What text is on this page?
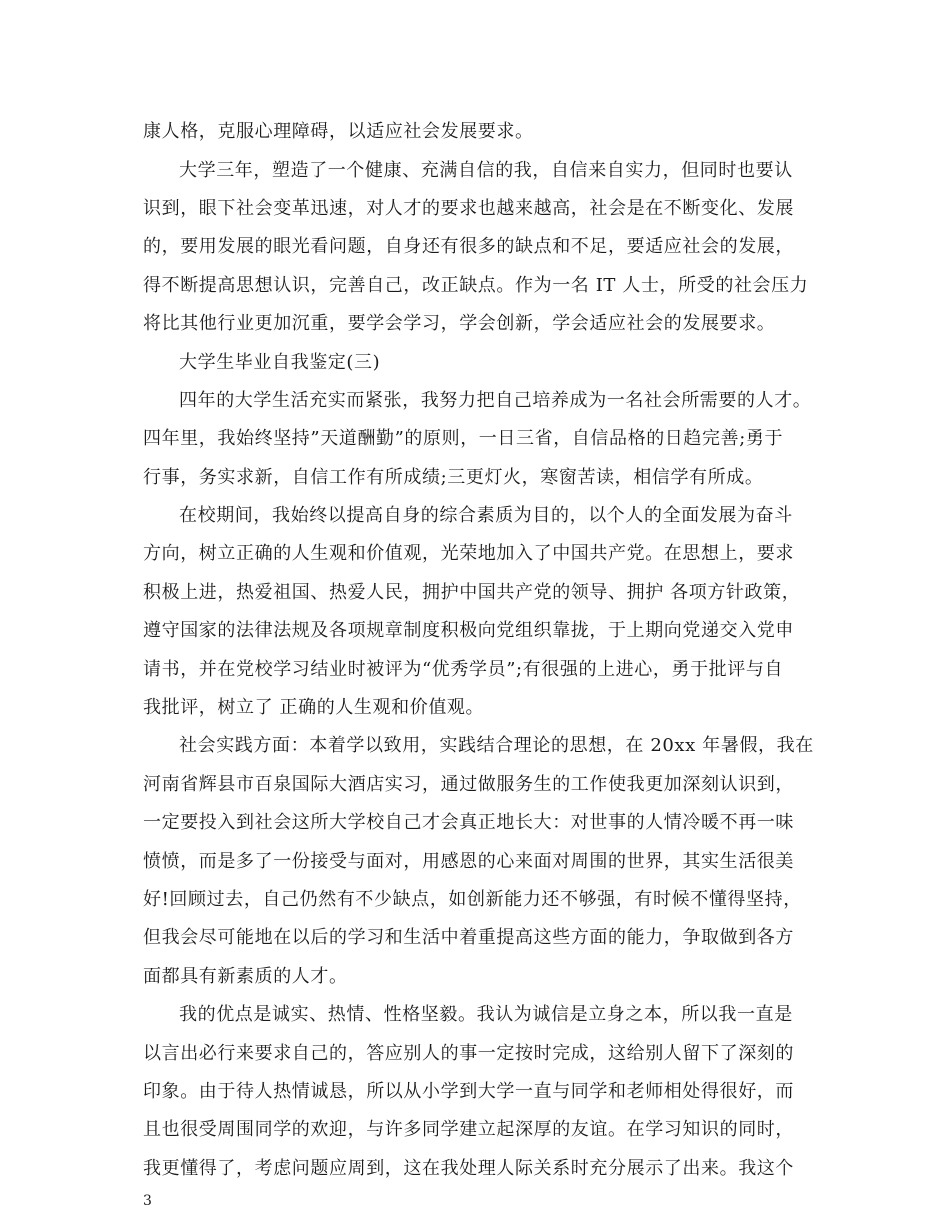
康人格，克服心理障碍，以适应社会发展要求。
大学三年，塑造了一个健康、充满自信的我，自信来自实力，但同时也要认
识到，眼下社会变革迅速，对人才的要求也越来越高，社会是在不断变化、发展
的，要用发展的眼光看问题，自身还有很多的缺点和不足，要适应社会的发展，
得不断提高思想认识，完善自己，改正缺点。作为一名 IT 人士，所受的社会压力
将比其他行业更加沉重，要学会学习，学会创新，学会适应社会的发展要求。
大学生毕业自我鉴定(三)
四年的大学生活充实而紧张，我努力把自己培养成为一名社会所需要的人才。
四年里，我始终坚持”天道酬勤”的原则，一日三省，自信品格的日趋完善;勇于
行事，务实求新，自信工作有所成绩;三更灯火，寒窗苦读，相信学有所成。
在校期间，我始终以提高自身的综合素质为目的，以个人的全面发展为奋斗
方向，树立正确的人生观和价值观，光荣地加入了中国共产党。在思想上，要求
积极上进，热爱祖国、热爱人民，拥护中国共产党的领导、拥护 各项方针政策，
遵守国家的法律法规及各项规章制度积极向党组织靠拢，于上期向党递交入党申
请书，并在党校学习结业时被评为“优秀学员”;有很强的上进心，勇于批评与自
我批评，树立了 正确的人生观和价值观。
社会实践方面：本着学以致用，实践结合理论的思想，在 20xx 年暑假，我在
河南省辉县市百泉国际大酒店实习，通过做服务生的工作使我更加深刻认识到，
一定要投入到社会这所大学校自己才会真正地长大：对世事的人情冷暖不再一味
愤愤，而是多了一份接受与面对，用感恩的心来面对周围的世界，其实生活很美
好!回顾过去，自己仍然有不少缺点，如创新能力还不够强，有时候不懂得坚持，
但我会尽可能地在以后的学习和生活中着重提高这些方面的能力，争取做到各方
面都具有新素质的人才。
我的优点是诚实、热情、性格坚毅。我认为诚信是立身之本，所以我一直是
以言出必行来要求自己的，答应别人的事一定按时完成，这给别人留下了深刻的
印象。由于待人热情诚恳，所以从小学到大学一直与同学和老师相处得很好，而
且也很受周围同学的欢迎，与许多同学建立起深厚的友谊。在学习知识的同时，
我更懂得了，考虑问题应周到，这在我处理人际关系时充分展示了出来。我这个
3
